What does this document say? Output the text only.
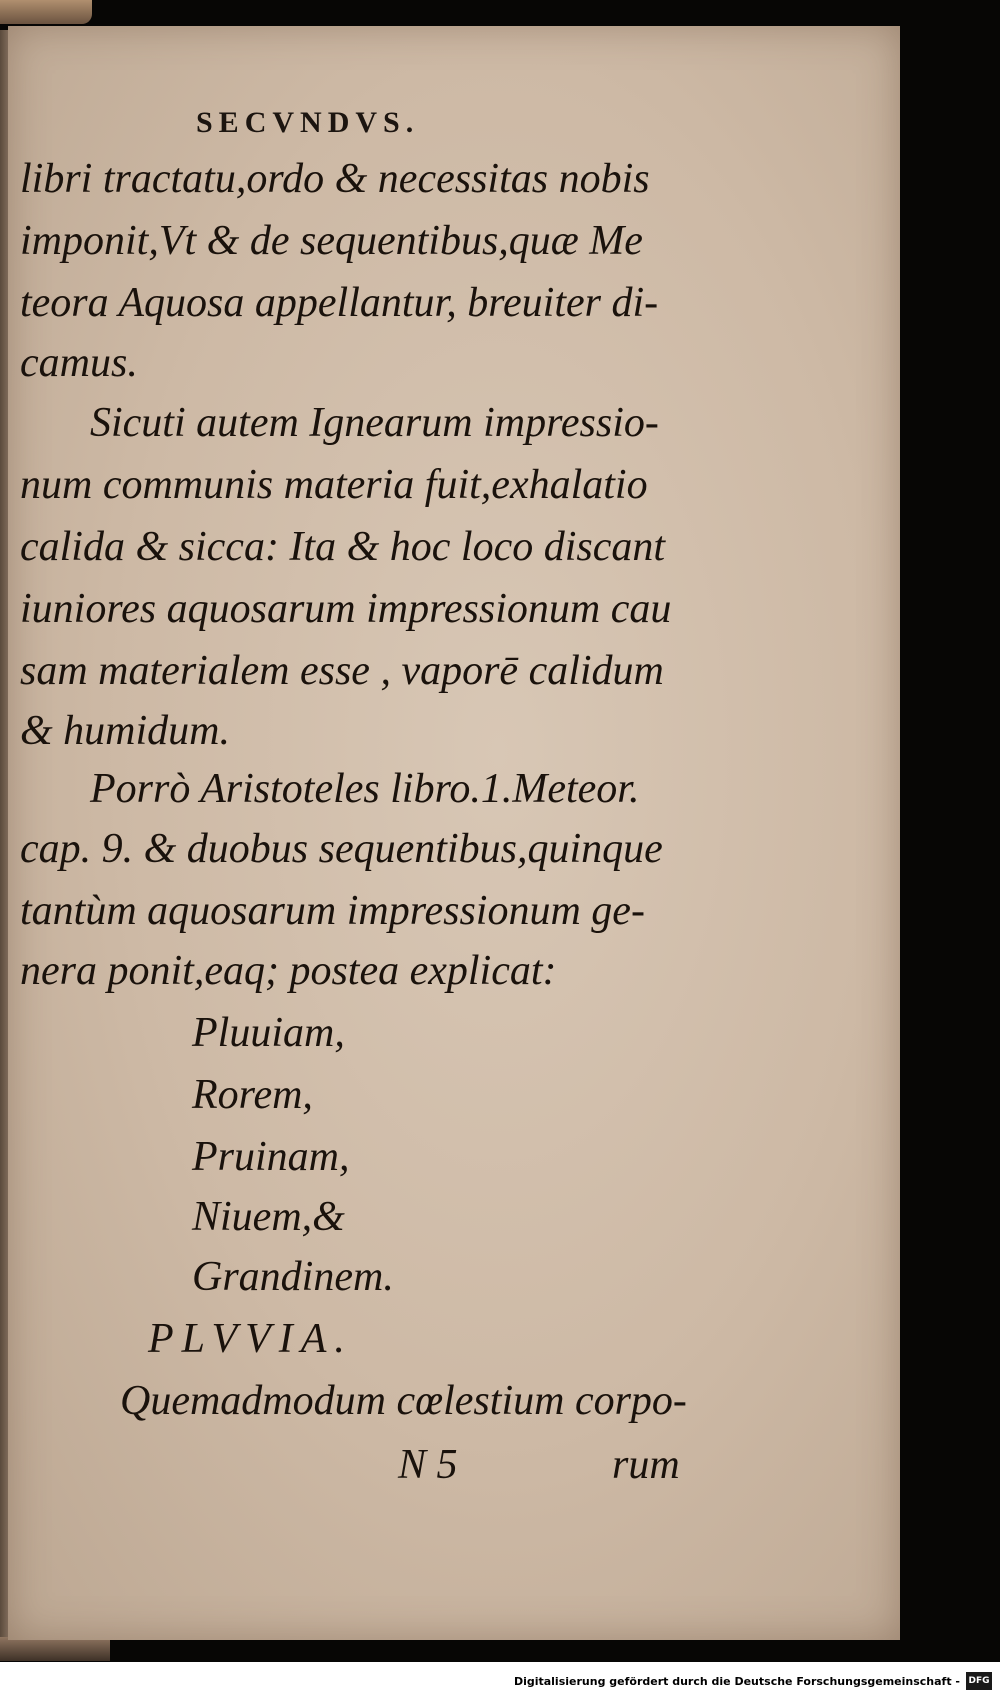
SECVNDVS.
libri tractatu,ordo & necessitas nobis
imponit,Vt & de sequentibus,quæ Me
teora Aquosa appellantur, breuiter di-
camus.
Sicuti autem Ignearum impressio-
num communis materia fuit,exhalatio
calida & sicca: Ita & hoc loco discant
iuniores aquosarum impressionum cau
sam materialem esse , vaporē calidum
& humidum.
Porrò Aristoteles libro.1.Meteor.
cap. 9. & duobus sequentibus,quinque
tantùm aquosarum impressionum ge-
nera ponit,eaq; postea explicat:
Pluuiam,
Rorem,
Pruinam,
Niuem,&
Grandinem.
PLVVIA.
Quemadmodum cœlestium corpo-
N 5	rum
Digitalisierung gefördert durch die Deutsche Forschungsgemeinschaft - DFG
